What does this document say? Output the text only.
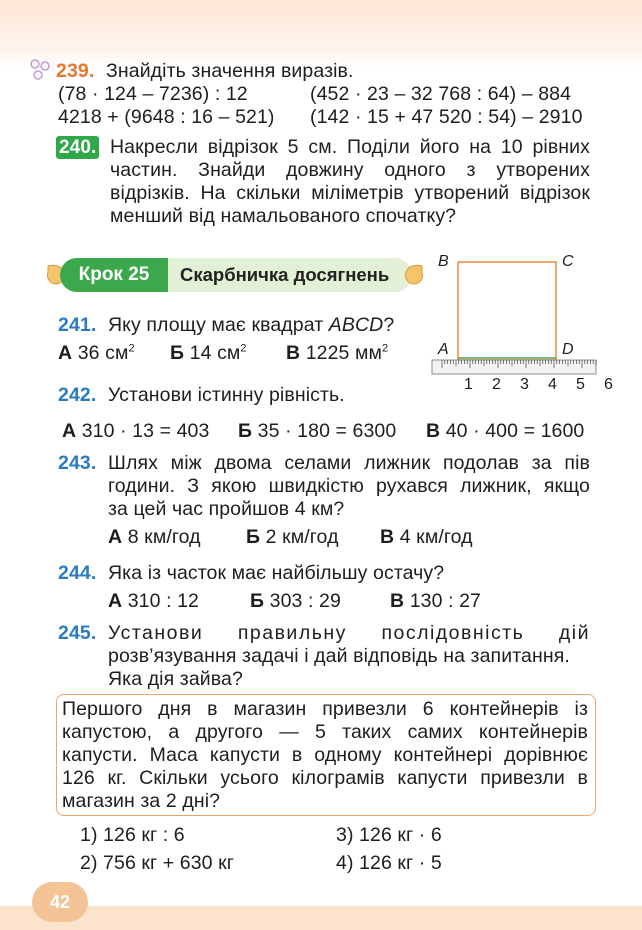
239. Знайдіть значення виразів.
(78 · 124 – 7236) : 12	(452 · 23 – 32 768 : 64) – 884
4218 + (9648 : 16 – 521) (142 · 15 + 47 520 : 54) – 2910
240. Накресли відрізок 5 см. Поділи його на 10 рівних
частин. Знайди довжину одного з утворених
відрізків. На скільки міліметрів утворений відрізок
менший від намальованого спочатку?
Крок 25	Скарбничка досягнень
B	C
A	D
1 2 3 4 5 6
241. Яку площу має квадрат ABCD?
А 36 $см^2$ Б 14 $см^2$ В 1225 $мм^2$
242. Установи істинну рівність.
А 310 · 13 = 403 Б 35 · 180 = 6300 В 40 · 400 = 1600
243. Шлях між двома селами лижник подолав за пів
години. З якою швидкістю рухався лижник, якщо
за цей час пройшов 4 км?
А 8 км/год Б 2 км/год В 4 км/год
244. Яка із часток має найбільшу остачу?
А 310 : 12	Б 303 : 29	В 130 : 27
245. Установи правильну послідовність дій
розв’язування задачі і дай відповідь на запитання.
Яка дія зайва?
Першого дня в магазин привезли 6 контейнерів із
капустою, а другого — 5 таких самих контейнерів
капусти. Маса капусти в одному контейнері дорівнює
126 кг. Скільки усього кілограмів капусти привезли в
магазин за 2 дні?
1) 126 кг : 6
2) 756 кг + 630 кг
3) 126 кг · 6
4) 126 кг · 5
42
